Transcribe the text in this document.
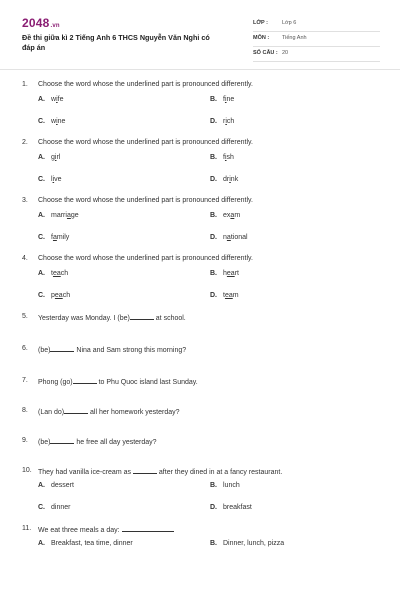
2048.vn
Đề thi giữa kì 2 Tiếng Anh 6 THCS Nguyễn Văn Nghi có đáp án
LỚP :	Lớp 6
MÔN : Tiếng Anh
SỐ CÂU : 20
1. Choose the word whose the underlined part is pronounced differently.
A. wife	B. fine
C. wine	D. rich
2. Choose the word whose the underlined part is pronounced differently.
A. girl	B. fish
C. live	D. drink
3. Choose the word whose the underlined part is pronounced differently.
A. marriage	B. exam
C. family	D. national
4. Choose the word whose the underlined part is pronounced differently.
A. teach	B. heart
C. peach	D. team
5. Yesterday was Monday. I (be)	at school.
6. (be)	Nina and Sam strong this morning?
7. Phong (go)	to Phu Quoc island last Sunday.
8. (Lan do)	all her homework yesterday?
9. (be)	he free all day yesterday?
10. They had vanilla ice-cream as	after they dined in at a fancy restaurant.
A. dessert	B. lunch
C. dinner	D. breakfast
11. We eat three meals a day:
A. Breakfast, tea time, dinner	B. Dinner, lunch, pizza
